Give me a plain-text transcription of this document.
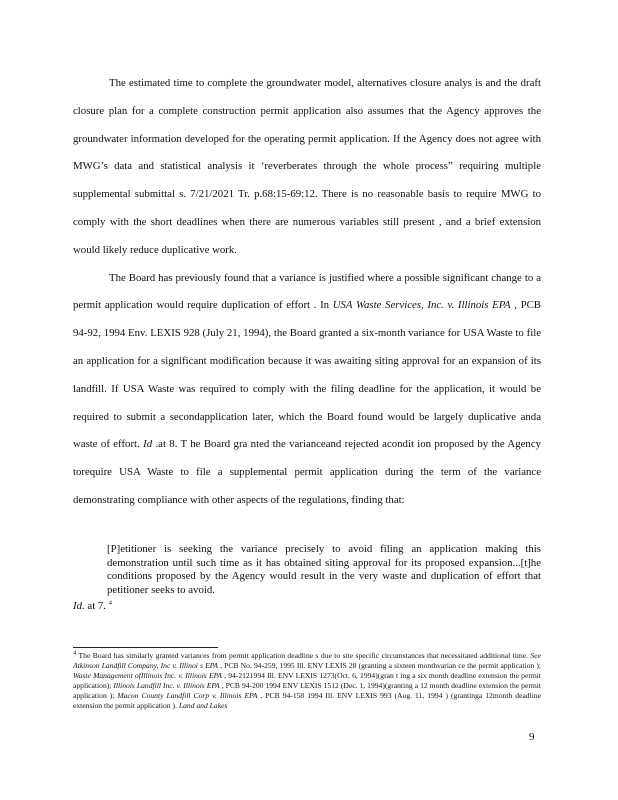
The estimated time to complete the groundwater model, alternatives closure analys is and the draft closure plan for a complete construction permit application also assumes that the Agency approves the groundwater information developed for the operating permit application. If the Agency does not agree with MWG’s data and statistical analysis it ‘reverberates through the whole process” requiring multiple supplemental submittal s. 7/21/2021 Tr. p.68:15-69:12. There is no reasonable basis to require MWG to comply with the short deadlines when there are numerous variables still present , and a brief extension would likely reduce duplicative work.

The Board has previously found that a variance is justified where a possible significant change to a permit application would require duplication of effort . In USA Waste Services, Inc. v. Illinois EPA , PCB 94-92, 1994 Env. LEXIS 928 (July 21, 1994), the Board granted a six-month variance for USA Waste to file an application for a significant modification because it was awaiting siting approval for an expansion of its landfill. If USA Waste was required to comply with the filing deadline for the application, it would be required to submit a secondapplication later, which the Board found would be largely duplicative anda waste of effort. Id .at 8. T he Board gra nted the varianceand rejected acondit ion proposed by the Agency torequire USA Waste to file a supplemental permit application during the term of the variance demonstrating compliance with other aspects of the regulations, finding that:

[P]etitioner is seeking the variance precisely to avoid filing an application making this demonstration until such time as it has obtained siting approval for its proposed expansion...[t]he conditions proposed by the Agency would result in the very waste and duplication of effort that petitioner seeks to avoid.

Id. at 7. $^4$
$^4$ The Board has similarly granted variances from permit application deadline s due to site specific circumstances that necessitated additional time. See Atkinson Landfill Company, Inc v. Illinoi s EPA , PCB No. 94-259, 1995 Ill. ENV LEXIS 28 (granting a sixteen monthvarian ce the permit application ); Waste Management ofIllinois Inc. v. Illinois EPA , 94-2121994 Ill. ENV LEXIS 1273(Oct. 6, 1994)(gran t ing a six month deadline extension the permit application); Illinois Landfill Inc. v. Illinois EPA , PCB 94-200 1994 ENV LEXIS 1512 (Dec. 1, 1994)(granting a 12 month deadline extension the permit application ); Macon County Landfill Corp v. Illinois EPA , PCB 94-158 1994 Ill. ENV LEXIS 993 (Aug. 11, 1994 ) (grantinga 12month deadline extension the permit application ). Land and Lakes
9
